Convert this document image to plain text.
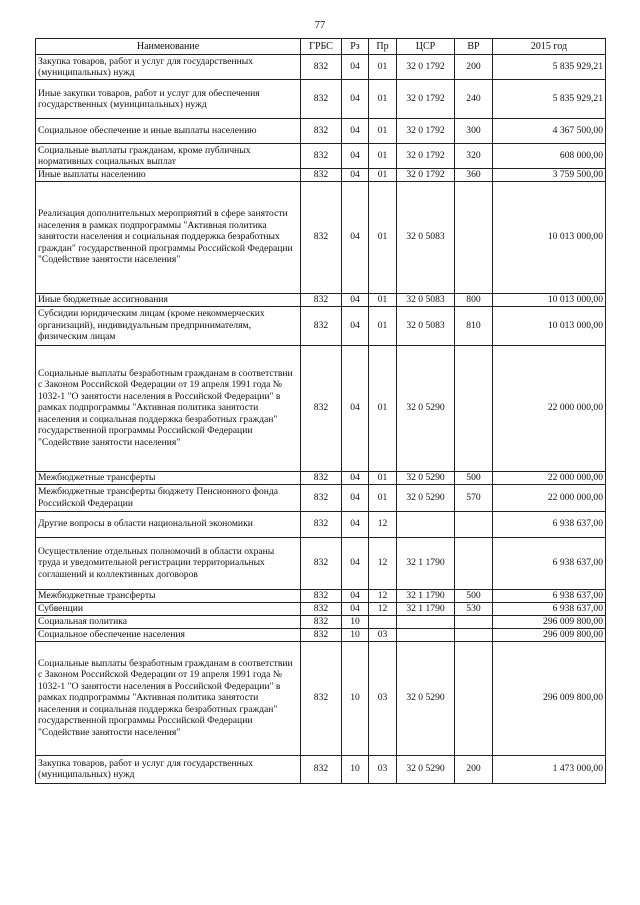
77
Наименование	ГРБС	Рз	Пр	ЦСР	ВР	2015 год
Закупка товаров, работ и услуг для государственных (муниципальных) нужд	832	04	01	32 0 1792	200	5 835 929,21
Иные закупки товаров, работ и услуг для обеспечения государственных (муниципальных) нужд	832	04	01	32 0 1792	240	5 835 929,21
Социальное обеспечение и иные выплаты населению	832	04	01	32 0 1792	300	4 367 500,00
Социальные выплаты гражданам, кроме публичных нормативных социальных выплат	832	04	01	32 0 1792	320	608 000,00
Иные выплаты населению	832	04	01	32 0 1792	360	3 759 500,00
Реализация дополнительных мероприятий в сфере занятости населения в рамках подпрограммы "Активная политика занятости населения и социальная поддержка безработных граждан" государственной программы Российской Федерации "Содействие занятости населения"	832	04	01	32 0 5083		10 013 000,00
Иные бюджетные ассигнования	832	04	01	32 0 5083	800	10 013 000,00
Субсидии юридическим лицам (кроме некоммерческих организаций), индивидуальным предпринимателям, физическим лицам	832	04	01	32 0 5083	810	10 013 000,00
Социальные выплаты безработным гражданам в соответствии с Законом Российской Федерации от 19 апреля 1991 года № 1032-1 "О занятости населения в Российской Федерации" в рамках подпрограммы "Активная политика занятости населения и социальная поддержка безработных граждан" государственной программы Российской Федерации "Содействие занятости населения"	832	04	01	32 0 5290		22 000 000,00
Межбюджетные трансферты	832	04	01	32 0 5290	500	22 000 000,00
Межбюджетные трансферты бюджету Пенсионного фонда Российской Федерации	832	04	01	32 0 5290	570	22 000 000,00
Другие вопросы в области национальной экономики	832	04	12			6 938 637,00
Осуществление отдельных полномочий в области охраны труда и уведомительной регистрации территориальных соглашений и коллективных договоров	832	04	12	32 1 1790		6 938 637,00
Межбюджетные трансферты	832	04	12	32 1 1790	500	6 938 637,00
Субвенции	832	04	12	32 1 1790	530	6 938 637,00
Социальная политика	832	10				296 009 800,00
Социальное обеспечение населения	832	10	03			296 009 800,00
Социальные выплаты безработным гражданам в соответствии с Законом Российской Федерации от 19 апреля 1991 года № 1032-1 "О занятости населения в Российской Федерации" в рамках подпрограммы "Активная политика занятости населения и социальная поддержка безработных граждан" государственной программы Российской Федерации "Содействие занятости населения"	832	10	03	32 0 5290		296 009 800,00
Закупка товаров, работ и услуг для государственных (муниципальных) нужд	832	10	03	32 0 5290	200	1 473 000,00
